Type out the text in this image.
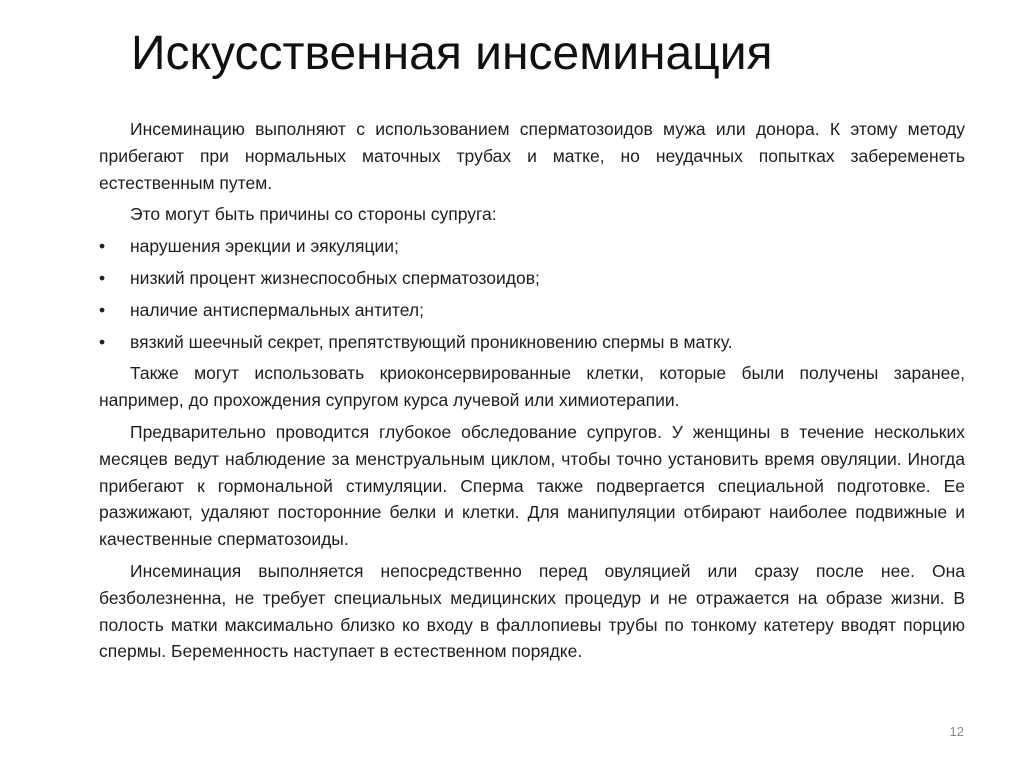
Искусственная инсеминация

Инсеминацию выполняют с использованием сперматозоидов мужа или донора. К этому методу прибегают при нормальных маточных трубах и матке, но неудачных попытках забеременеть естественным путем.

Это могут быть причины со стороны супруга:

• нарушения эрекции и эякуляции;
• низкий процент жизнеспособных сперматозоидов;
• наличие антиспермальных антител;
• вязкий шеечный секрет, препятствующий проникновению спермы в матку.

Также могут использовать криоконсервированные клетки, которые были получены заранее, например, до прохождения супругом курса лучевой или химиотерапии.

Предварительно проводится глубокое обследование супругов. У женщины в течение нескольких месяцев ведут наблюдение за менструальным циклом, чтобы точно установить время овуляции. Иногда прибегают к гормональной стимуляции. Сперма также подвергается специальной подготовке. Ее разжижают, удаляют посторонние белки и клетки. Для манипуляции отбирают наиболее подвижные и качественные сперматозоиды.

Инсеминация выполняется непосредственно перед овуляцией или сразу после нее. Она безболезненна, не требует специальных медицинских процедур и не отражается на образе жизни. В полость матки максимально близко ко входу в фаллопиевы трубы по тонкому катетеру вводят порцию спермы. Беременность наступает в естественном порядке.

12
